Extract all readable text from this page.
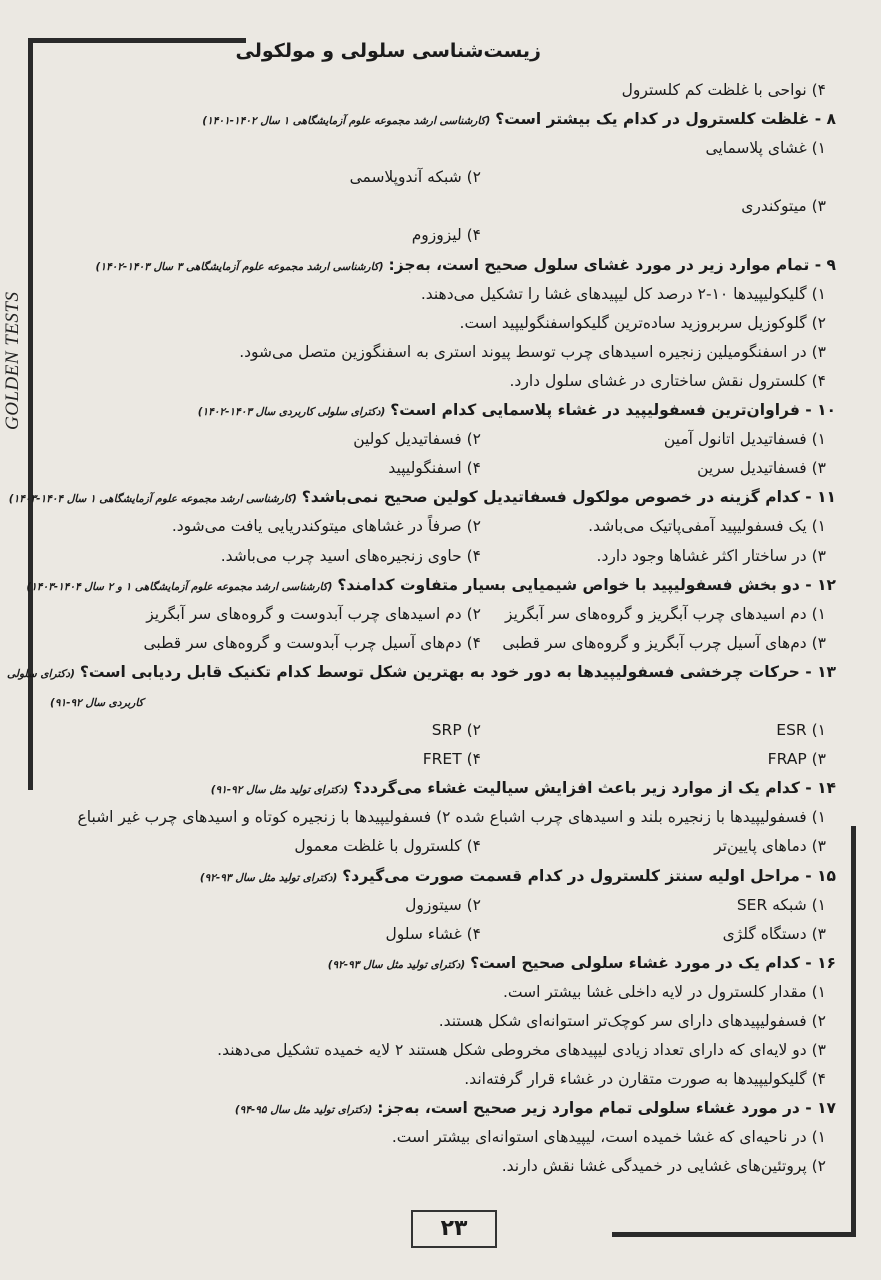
GOLDEN TESTS
زیست‌شناسی سلولی و مولکولی
۴) نواحی با غلظت کم کلسترول
۸ - غلظت کلسترول در کدام یک بیشتر است؟ (کارشناسی ارشد مجموعه علوم آزمایشگاهی ۱ سال ۱۴۰۲-۱۴۰۱)
۱) غشای پلاسمایی
۲) شبکه آندوپلاسمی
۳) میتوکندری
۴) لیزوزوم
۹ - تمام موارد زیر در مورد غشای سلول صحیح است، به‌جز: (کارشناسی ارشد مجموعه علوم آزمایشگاهی ۳ سال ۱۴۰۳-۱۴۰۲)
۱) گلیکولیپیدها ۱۰-۲ درصد کل لیپیدهای غشا را تشکیل می‌دهند.
۲) گلوکوزیل سربروزید ساده‌ترین گلیکواسفنگولیپید است.
۳) در اسفنگومیلین زنجیره اسیدهای چرب توسط پیوند استری به اسفنگوزین متصل می‌شود.
۴) کلسترول نقش ساختاری در غشای سلول دارد.
۱۰ - فراوان‌ترین فسفولیپید در غشاء پلاسمایی کدام است؟ (دکترای سلولی کاربردی سال ۱۴۰۳-۱۴۰۲)
۱) فسفاتیدیل اتانول آمین
۲) فسفاتیدیل کولین
۳) فسفاتیدیل سرین
۴) اسفنگولیپید
۱۱ - کدام گزینه در خصوص مولکول فسفاتیدیل کولین صحیح نمی‌باشد؟ (کارشناسی ارشد مجموعه علوم آزمایشگاهی ۱ سال ۱۴۰۴-۱۴۰۳)
۱) یک فسفولیپید آمفی‌پاتیک می‌باشد.
۲) صرفاً در غشاهای میتوکندریایی یافت می‌شود.
۳) در ساختار اکثر غشاها وجود دارد.
۴) حاوی زنجیره‌های اسید چرب می‌باشد.
۱۲ - دو بخش فسفولیپید با خواص شیمیایی بسیار متفاوت کدامند؟ (کارشناسی ارشد مجموعه علوم آزمایشگاهی ۱ و ۲ سال ۱۴۰۴-۱۴۰۳)
۱) دم اسیدهای چرب آبگریز و گروه‌های سر آبگریز
۲) دم اسیدهای چرب آبدوست و گروه‌های سر آبگریز
۳) دم‌های آسیل چرب آبگریز و گروه‌های سر قطبی
۴) دم‌های آسیل چرب آبدوست و گروه‌های سر قطبی
۱۳ - حرکات چرخشی فسفولیپیدها به دور خود به بهترین شکل توسط کدام تکنیک قابل ردیابی است؟ (دکترای سلولی
کاربردی سال ۹۲-۹۱)
۱) ESR
۲) SRP
۳) FRAP
۴) FRET
۱۴ - کدام یک از موارد زیر باعث افزایش سیالیت غشاء می‌گردد؟ (دکترای تولید مثل سال ۹۲-۹۱)
۱) فسفولیپیدها با زنجیره بلند و اسیدهای چرب اشباع شده ۲) فسفولیپیدها با زنجیره کوتاه و اسیدهای چرب غیر اشباع
۳) دماهای پایین‌تر
۴) کلسترول با غلظت معمول
۱۵ - مراحل اولیه سنتز کلسترول در کدام قسمت صورت می‌گیرد؟ (دکترای تولید مثل سال ۹۳-۹۲)
۱) شبکه SER
۲) سیتوزول
۳) دستگاه گلژی
۴) غشاء سلول
۱۶ - کدام یک در مورد غشاء سلولی صحیح است؟ (دکترای تولید مثل سال ۹۳-۹۲)
۱) مقدار کلسترول در لایه داخلی غشا بیشتر است.
۲) فسفولیپیدهای دارای سر کوچک‌تر استوانه‌ای شکل هستند.
۳) دو لایه‌ای که دارای تعداد زیادی لیپیدهای مخروطی شکل هستند ۲ لایه خمیده تشکیل می‌دهند.
۴) گلیکولیپیدها به صورت متقارن در غشاء قرار گرفته‌اند.
۱۷ - در مورد غشاء سلولی تمام موارد زیر صحیح است، به‌جز: (دکترای تولید مثل سال ۹۵-۹۴)
۱) در ناحیه‌ای که غشا خمیده است، لیپیدهای استوانه‌ای بیشتر است.
۲) پروتئین‌های غشایی در خمیدگی غشا نقش دارند.
۲۳
